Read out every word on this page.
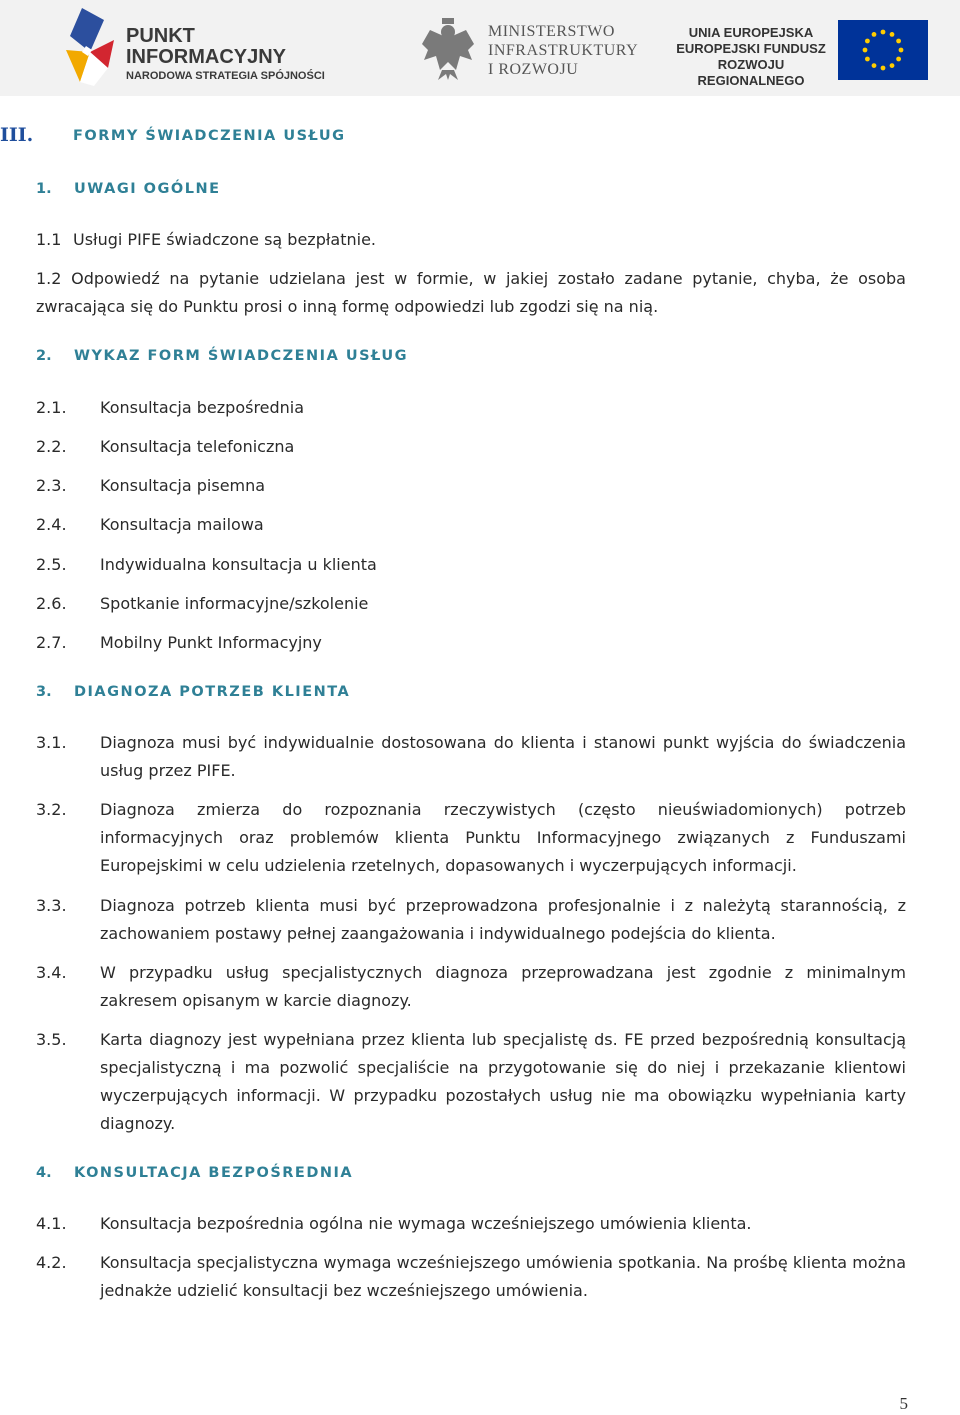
PUNKT
INFORMACYJNY
NARODOWA STRATEGIA SPÓJNOŚCI
MINISTERSTWO
INFRASTRUKTURY
I ROZWOJU
UNIA EUROPEJSKA
EUROPEJSKI FUNDUSZ
ROZWOJU REGIONALNEGO
III.	FORMY ŚWIADCZENIA USŁUG
1. UWAGI OGÓLNE
1.1 Usługi PIFE świadczone są bezpłatnie.
1.2 Odpowiedź na pytanie udzielana jest w formie, w jakiej zostało zadane pytanie, chyba, że osoba zwracająca się do Punktu prosi o inną formę odpowiedzi lub zgodzi się na nią.
2. WYKAZ FORM ŚWIADCZENIA USŁUG
2.1. Konsultacja bezpośrednia
2.2. Konsultacja telefoniczna
2.3. Konsultacja pisemna
2.4. Konsultacja mailowa
2.5. Indywidualna konsultacja u klienta
2.6. Spotkanie informacyjne/szkolenie
2.7. Mobilny Punkt Informacyjny
3. DIAGNOZA POTRZEB KLIENTA
3.1. Diagnoza musi być indywidualnie dostosowana do klienta i stanowi punkt wyjścia do świadczenia usług przez PIFE.
3.2. Diagnoza zmierza do rozpoznania rzeczywistych (często nieuświadomionych) potrzeb informacyjnych oraz problemów klienta Punktu Informacyjnego związanych z Funduszami Europejskimi w celu udzielenia rzetelnych, dopasowanych i wyczerpujących informacji.
3.3. Diagnoza potrzeb klienta musi być przeprowadzona profesjonalnie i z należytą starannością, z zachowaniem postawy pełnej zaangażowania i indywidualnego podejścia do klienta.
3.4. W przypadku usług specjalistycznych diagnoza przeprowadzana jest zgodnie z minimalnym zakresem opisanym w karcie diagnozy.
3.5. Karta diagnozy jest wypełniana przez klienta lub specjalistę ds. FE przed bezpośrednią konsultacją specjalistyczną i ma pozwolić specjaliście na przygotowanie się do niej i przekazanie klientowi wyczerpujących informacji. W przypadku pozostałych usług nie ma obowiązku wypełniania karty diagnozy.
4. KONSULTACJA BEZPOŚREDNIA
4.1. Konsultacja bezpośrednia ogólna nie wymaga wcześniejszego umówienia klienta.
4.2. Konsultacja specjalistyczna wymaga wcześniejszego umówienia spotkania. Na prośbę klienta można jednakże udzielić konsultacji bez wcześniejszego umówienia.
5
